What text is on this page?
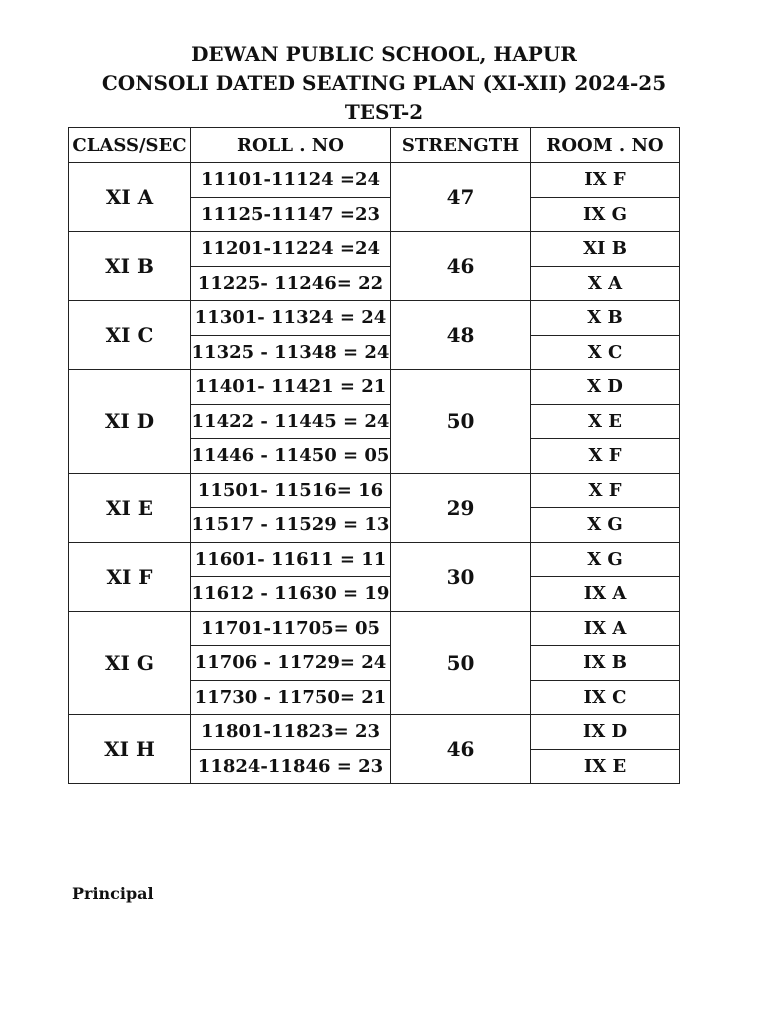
DEWAN PUBLIC SCHOOL, HAPUR
CONSOLI DATED SEATING PLAN (XI-XII) 2024-25
TEST-2
CLASS/SEC	ROLL . NO	STRENGTH	ROOM . NO
XI A	11101-11124 =24	47	IX F
	11125-11147 =23		IX G
XI B	11201-11224 =24	46	XI B
	11225- 11246= 22		X A
XI C	11301- 11324 = 24	48	X B
	11325 - 11348 = 24		X C
XI D	11401- 11421 = 21	50	X D
	11422 - 11445 = 24		X E
	11446 - 11450 = 05		X F
XI E	11501- 11516= 16	29	X F
	11517 - 11529 = 13		X G
XI F	11601- 11611 = 11	30	X G
	11612 - 11630 = 19		IX A
XI G	11701-11705= 05	50	IX A
	11706 - 11729= 24		IX B
	11730 - 11750= 21		IX C
XI H	11801-11823= 23	46	IX D
	11824-11846 = 23		IX E
Principal
